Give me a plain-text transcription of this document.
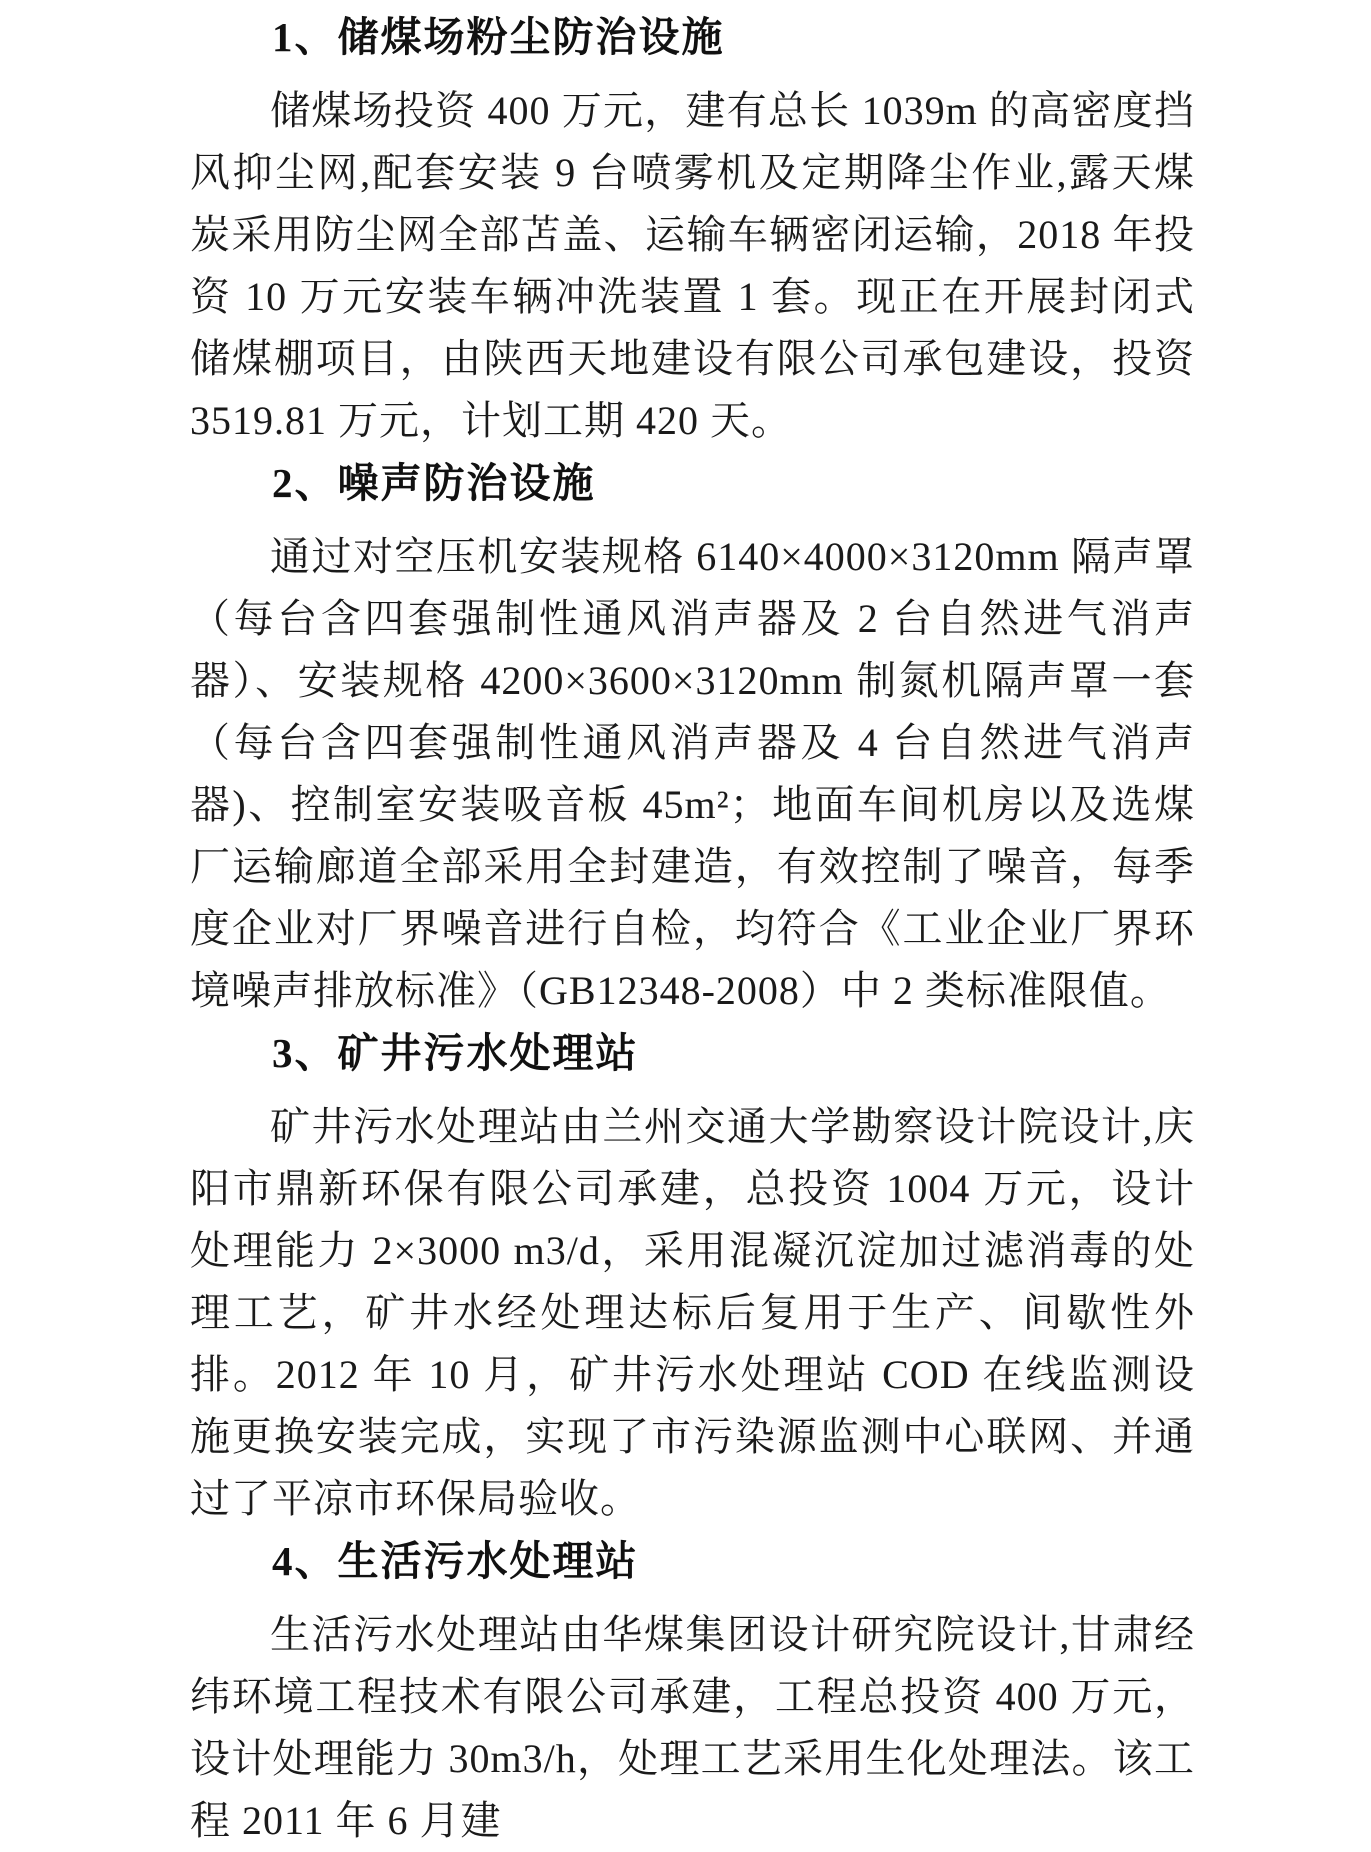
1、储煤场粉尘防治设施

储煤场投资 400 万元，建有总长 1039m 的高密度挡风抑尘网,配套安装 9 台喷雾机及定期降尘作业,露天煤炭采用防尘网全部苫盖、运输车辆密闭运输，2018 年投资 10 万元安装车辆冲洗装置 1 套。现正在开展封闭式储煤棚项目，由陕西天地建设有限公司承包建设，投资 3519.81 万元，计划工期 420 天。

2、噪声防治设施

通过对空压机安装规格 6140×4000×3120mm 隔声罩（每台含四套强制性通风消声器及 2 台自然进气消声器）、安装规格 4200×3600×3120mm 制氮机隔声罩一套（每台含四套强制性通风消声器及 4 台自然进气消声器)、控制室安装吸音板 45m²；地面车间机房以及选煤厂运输廊道全部采用全封建造，有效控制了噪音，每季度企业对厂界噪音进行自检，均符合《工业企业厂界环境噪声排放标准》（GB12348-2008）中 2 类标准限值。

3、矿井污水处理站

矿井污水处理站由兰州交通大学勘察设计院设计,庆阳市鼎新环保有限公司承建，总投资 1004 万元，设计处理能力 2×3000 m3/d，采用混凝沉淀加过滤消毒的处理工艺，矿井水经处理达标后复用于生产、间歇性外排。2012 年 10 月，矿井污水处理站 COD 在线监测设施更换安装完成，实现了市污染源监测中心联网、并通过了平凉市环保局验收。

4、生活污水处理站

生活污水处理站由华煤集团设计研究院设计,甘肃经纬环境工程技术有限公司承建，工程总投资 400 万元，设计处理能力 30m3/h，处理工艺采用生化处理法。该工程 2011 年 6 月建
